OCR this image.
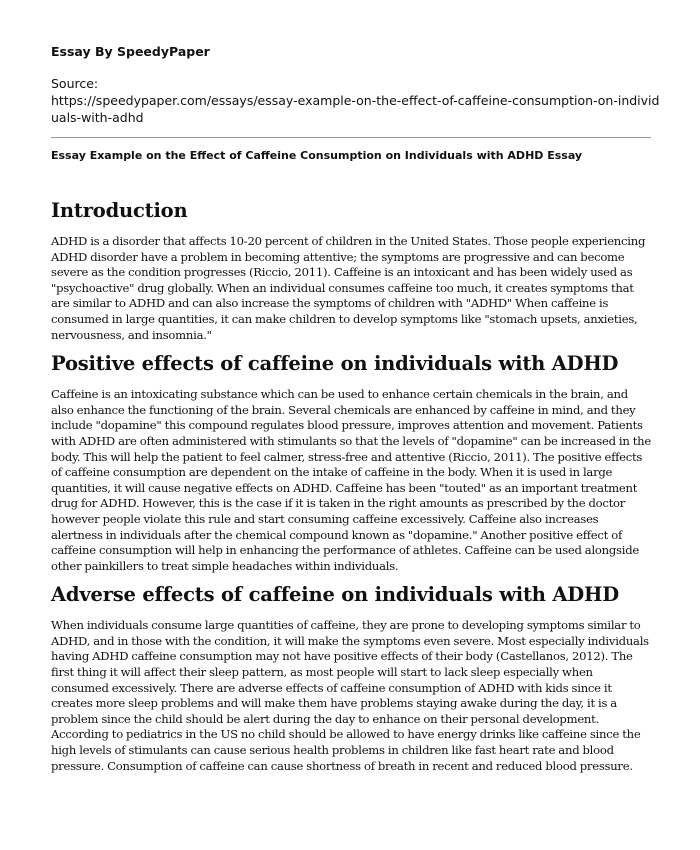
Essay By SpeedyPaper
Source:
https://speedypaper.com/essays/essay-example-on-the-effect-of-caffeine-consumption-on-individuals-with-adhd
Essay Example on the Effect of Caffeine Consumption on Individuals with ADHD Essay
Introduction

ADHD is a disorder that affects 10-20 percent of children in the United States. Those people experiencing ADHD disorder have a problem in becoming attentive; the symptoms are progressive and can become severe as the condition progresses (Riccio, 2011). Caffeine is an intoxicant and has been widely used as "psychoactive" drug globally. When an individual consumes caffeine too much, it creates symptoms that are similar to ADHD and can also increase the symptoms of children with "ADHD" When caffeine is consumed in large quantities, it can make children to develop symptoms like "stomach upsets, anxieties, nervousness, and insomnia."

Positive effects of caffeine on individuals with ADHD

Caffeine is an intoxicating substance which can be used to enhance certain chemicals in the brain, and also enhance the functioning of the brain. Several chemicals are enhanced by caffeine in mind, and they include "dopamine" this compound regulates blood pressure, improves attention and movement. Patients with ADHD are often administered with stimulants so that the levels of "dopamine" can be increased in the body. This will help the patient to feel calmer, stress-free and attentive (Riccio, 2011). The positive effects of caffeine consumption are dependent on the intake of caffeine in the body. When it is used in large quantities, it will cause negative effects on ADHD. Caffeine has been "touted" as an important treatment drug for ADHD. However, this is the case if it is taken in the right amounts as prescribed by the doctor however people violate this rule and start consuming caffeine excessively. Caffeine also increases alertness in individuals after the chemical compound known as "dopamine." Another positive effect of caffeine consumption will help in enhancing the performance of athletes. Caffeine can be used alongside other painkillers to treat simple headaches within individuals.

Adverse effects of caffeine on individuals with ADHD

When individuals consume large quantities of caffeine, they are prone to developing symptoms similar to ADHD, and in those with the condition, it will make the symptoms even severe. Most especially individuals having ADHD caffeine consumption may not have positive effects of their body (Castellanos, 2012). The first thing it will affect their sleep pattern, as most people will start to lack sleep especially when consumed excessively. There are adverse effects of caffeine consumption of ADHD with kids since it creates more sleep problems and will make them have problems staying awake during the day, it is a problem since the child should be alert during the day to enhance on their personal development. According to pediatrics in the US no child should be allowed to have energy drinks like caffeine since the high levels of stimulants can cause serious health problems in children like fast heart rate and blood pressure. Consumption of caffeine can cause shortness of breath in recent and reduced blood pressure.
